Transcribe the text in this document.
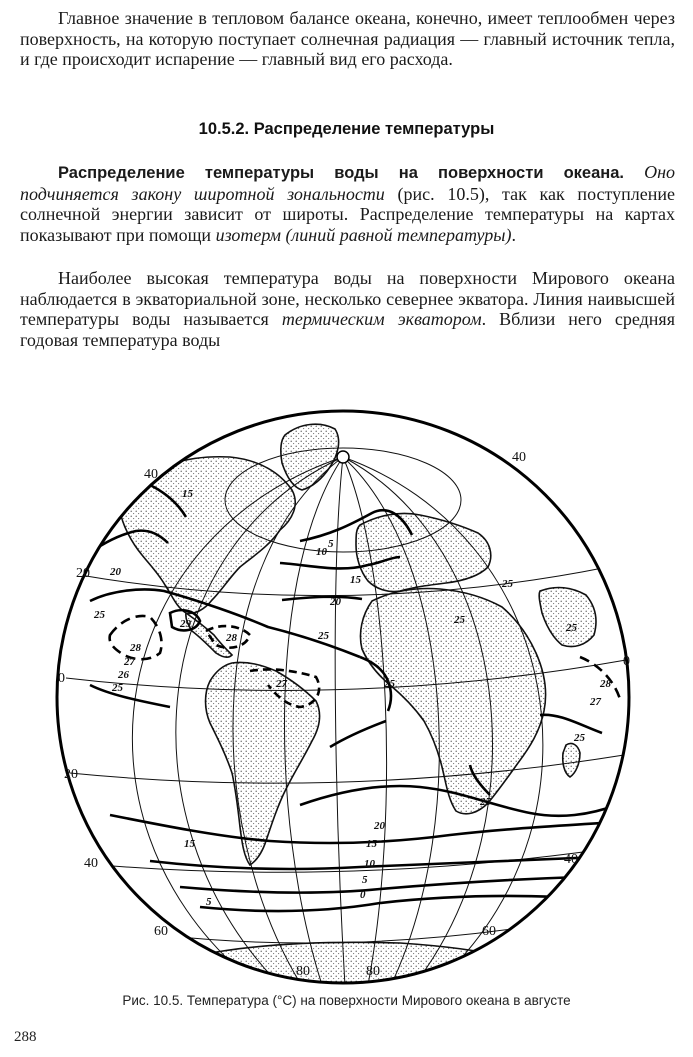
Главное значение в тепловом балансе океана, конечно, имеет теплообмен через поверхность, на которую поступает солнечная радиация — главный источник тепла, и где происходит испарение — главный вид его расхода.
10.5.2. Распределение температуры
Распределение температуры воды на поверхности океана. Оно подчиняется закону широтной зональности (рис. 10.5), так как поступление солнечной энергии зависит от широты. Распределение температуры на картах показывают при помощи изотерм (линий равной температуры).
Наиболее высокая температура воды на поверхности Мирового океана наблюдается в экваториальной зоне, несколько севернее экватора. Линия наивысшей температуры воды называется термическим экватором. Вблизи него средняя годовая температура воды
40
40
20
0
0
20
40	40
60	60
80	80
15
10
5
20
25
15
20
25
29
28
28
27
26
25	27	25
25
25
28
27
25
25
20
15
10
5
0
15
5
25
Рис. 10.5. Температура (°С) на поверхности Мирового океана в августе
288
